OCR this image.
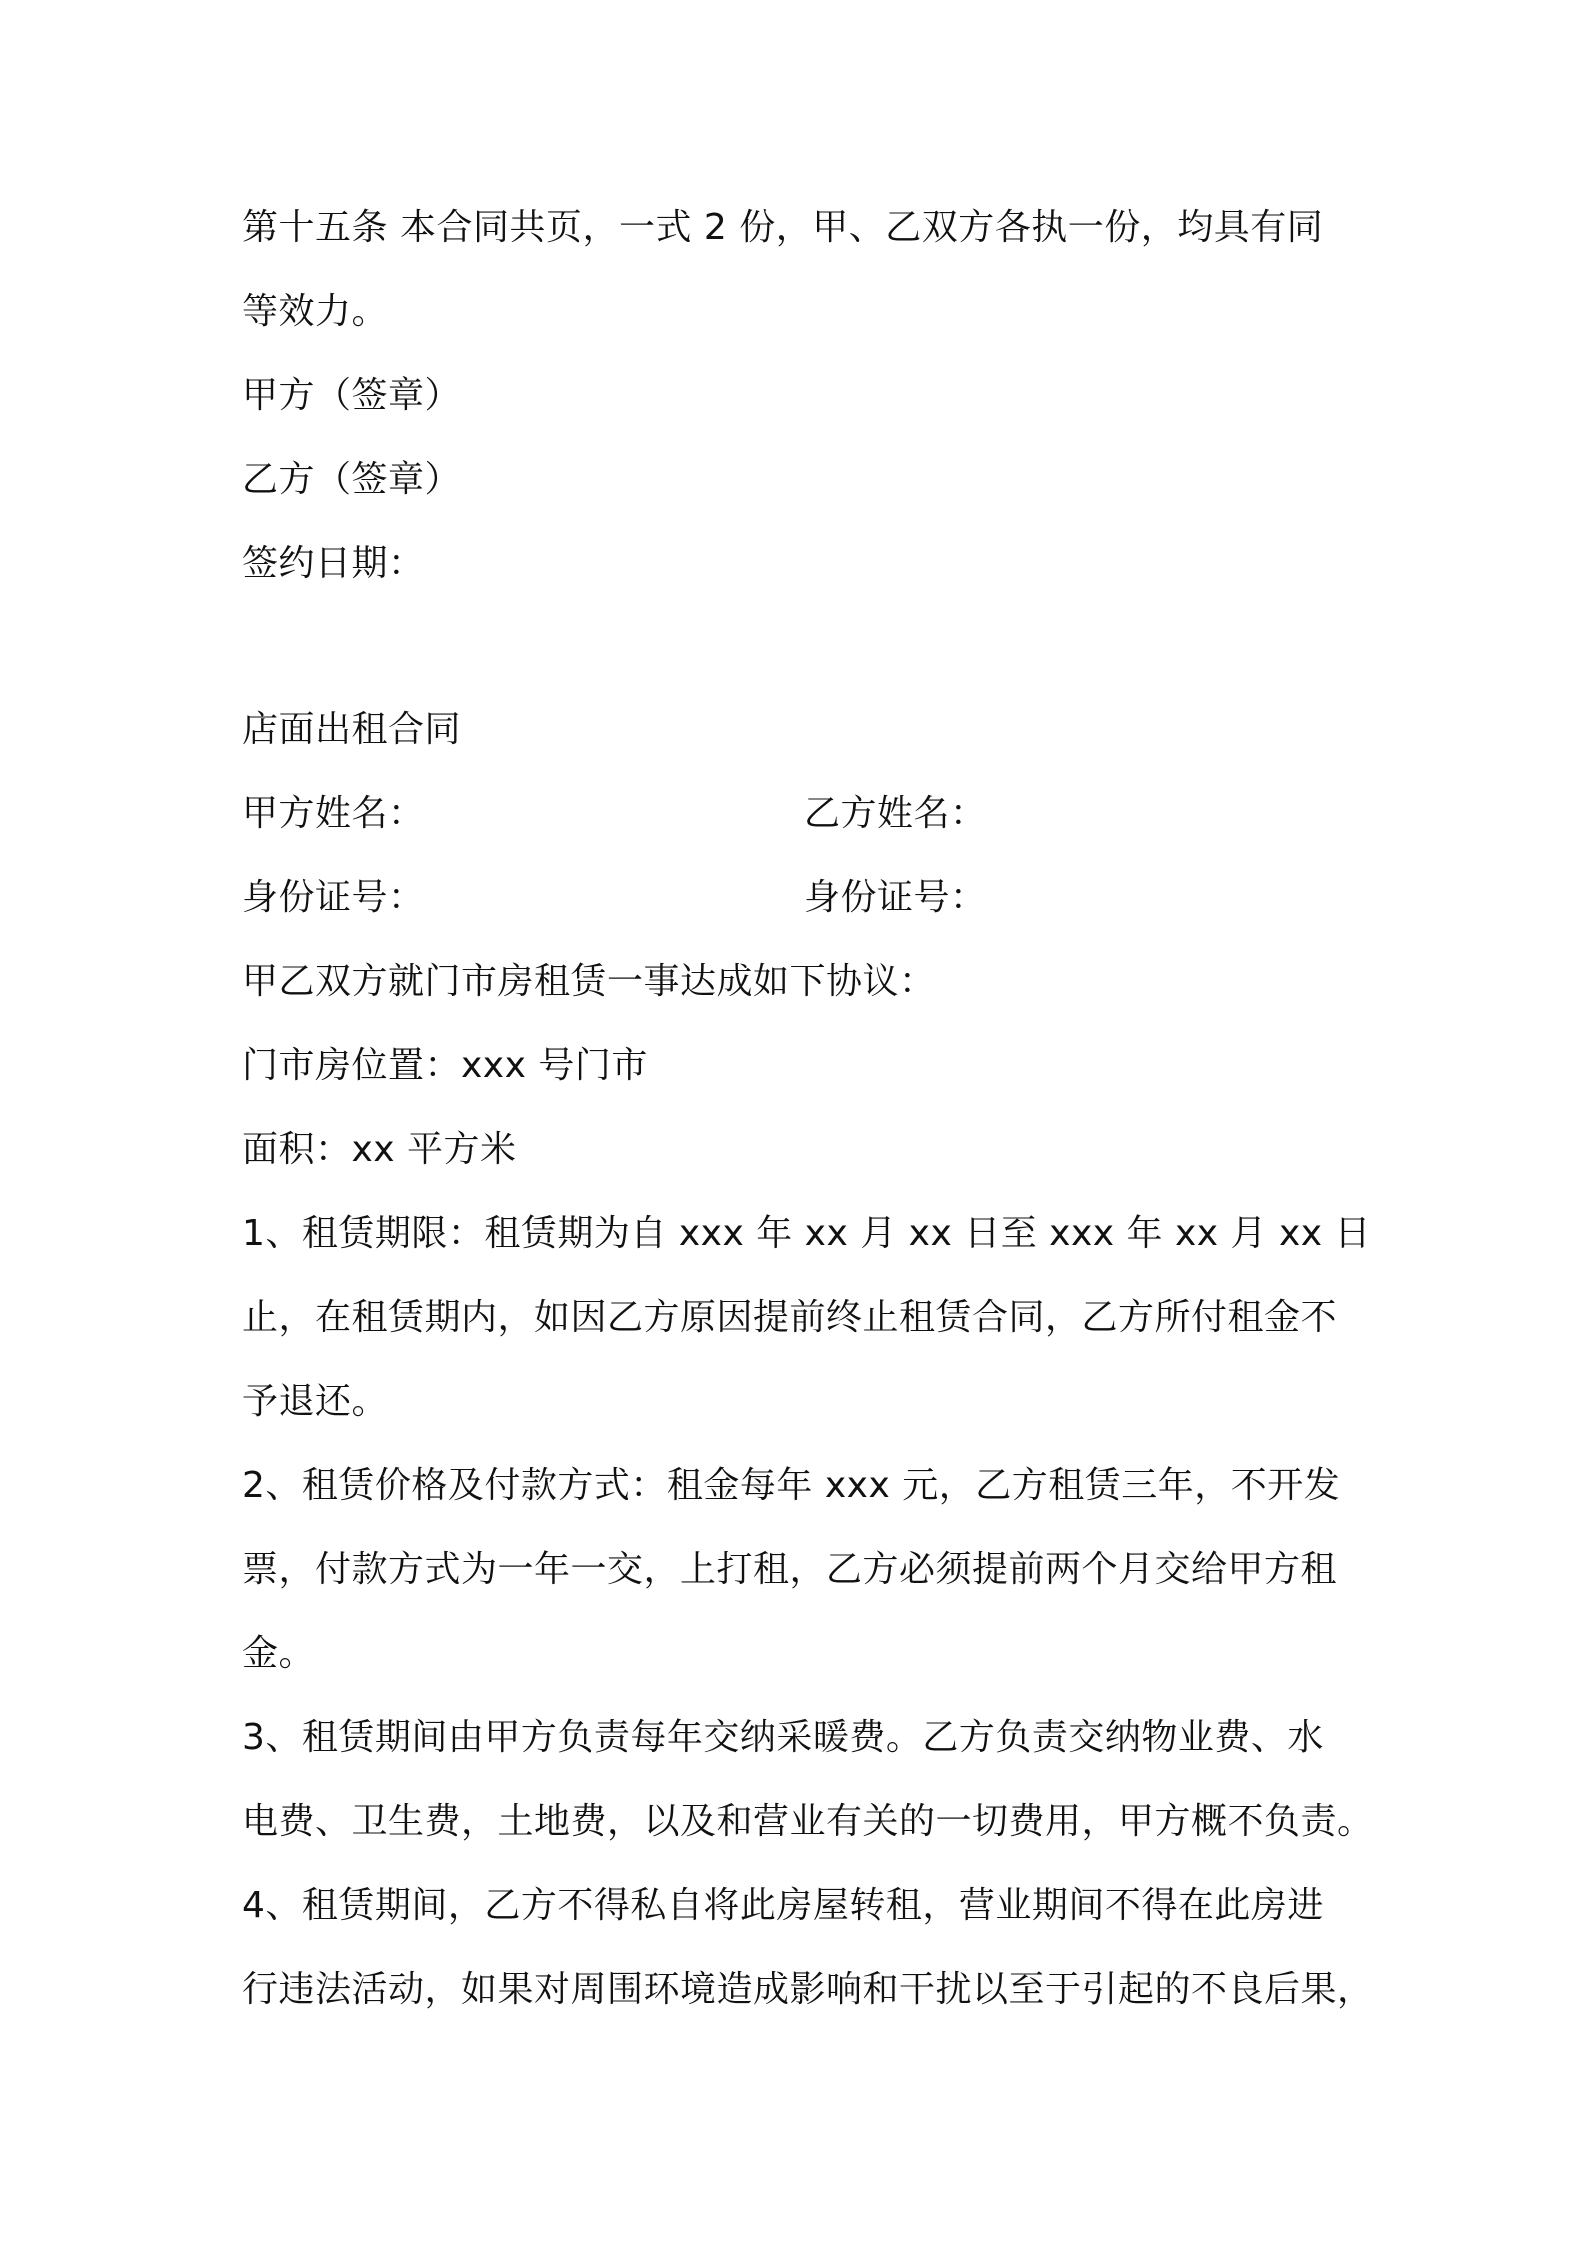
第十五条 本合同共页，一式 2 份，甲、乙双方各执一份，均具有同
等效力。
甲方（签章）
乙方（签章）
签约日期：
店面出租合同
甲方姓名：	乙方姓名：
身份证号：	身份证号：
甲乙双方就门市房租赁一事达成如下协议：
门市房位置：xxx 号门市
面积：xx 平方米
1、租赁期限：租赁期为自 xxx 年 xx 月 xx 日至 xxx 年 xx 月 xx 日
止，在租赁期内，如因乙方原因提前终止租赁合同，乙方所付租金不
予退还。
2、租赁价格及付款方式：租金每年 xxx 元，乙方租赁三年，不开发
票，付款方式为一年一交，上打租，乙方必须提前两个月交给甲方租
金。
3、租赁期间由甲方负责每年交纳采暖费。乙方负责交纳物业费、水
电费、卫生费，土地费，以及和营业有关的一切费用，甲方概不负责。
4、租赁期间，乙方不得私自将此房屋转租，营业期间不得在此房进
行违法活动，如果对周围环境造成影响和干扰以至于引起的不良后果，
